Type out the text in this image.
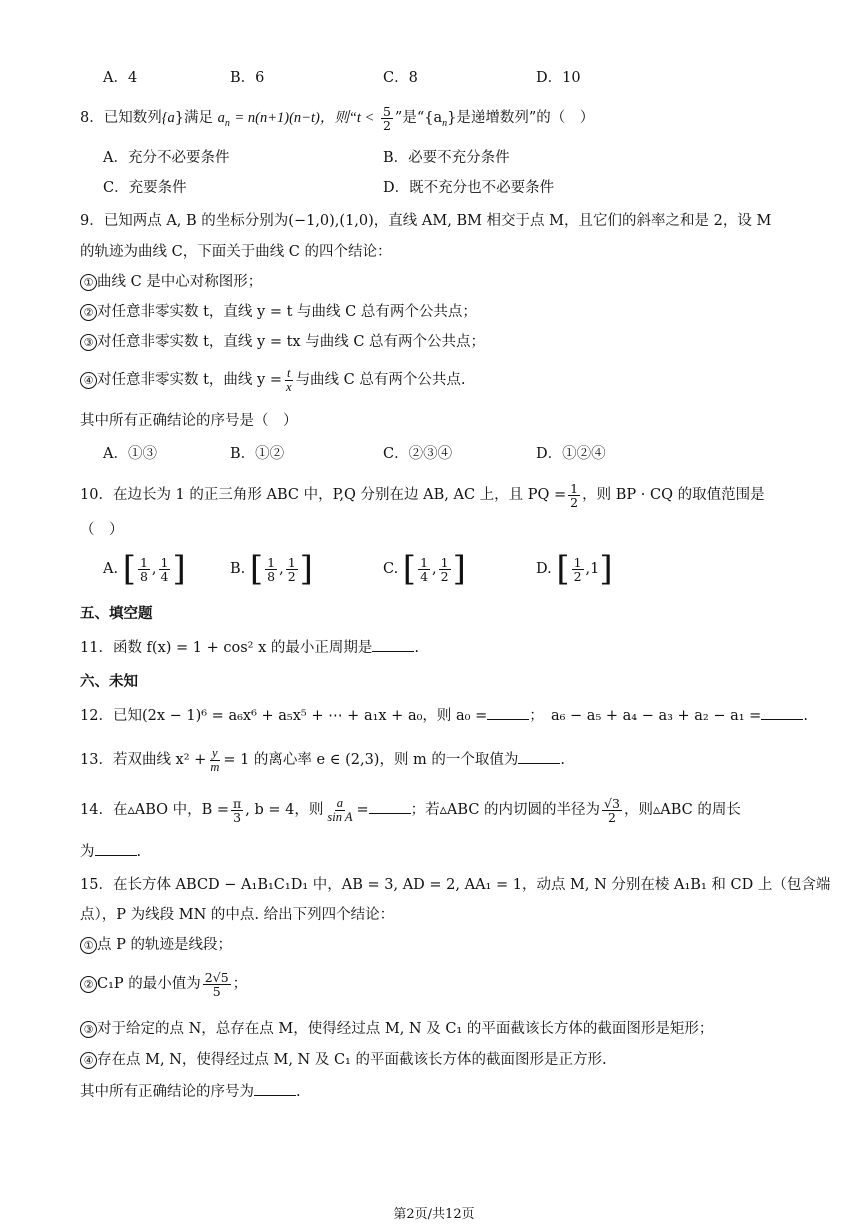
A．4	B．6	C．8	D．10
8．已知数列{a}满足 $a_n = n(n+1)(n-t)$，则“$t < \frac{5}{2}$ ”是“$\{a_n\}$是递增数列”的（　）
A．充分不必要条件	B．必要不充分条件
C．充要条件	D．既不充分也不必要条件
9．已知两点 A, B 的坐标分别为(−1,0),(1,0)，直线 AM, BM 相交于点 M，且它们的斜率之和是 2，设 M
的轨迹为曲线 C，下面关于曲线 C 的四个结论：
① 曲线 C 是中心对称图形；
② 对任意非零实数 t，直线 y = t 与曲线 C 总有两个公共点；
③ 对任意非零实数 t，直线 y = tx 与曲线 C 总有两个公共点；
④ 对任意非零实数 t，曲线 $y = \frac{t}{x}$ 与曲线 C 总有两个公共点.
其中所有正确结论的序号是（　）
A．①③	B．①②	C．②③④	D．①②④
10．在边长为 1 的正三角形 ABC 中，P,Q 分别在边 AB, AC 上，且 PQ = $\frac{1}{2}$ ，则 BP · CQ 的取值范围是
（　）
A.
[ $\frac{1}{8}$ , $\frac{1}{4}$ ]	B.
[ $\frac{1}{8}$ , $\frac{1}{2}$ ]	C.
[ $\frac{1}{4}$ , $\frac{1}{2}$ ]	D.
[ $\frac{1}{2}$ , 1 ]
五、填空题
11．函数 f(x) = 1 + cos² x 的最小正周期是	.
六、未知
12．已知(2x − 1)⁶ = a₆x⁶ + a₅x⁵ + ⋯ + a₁x + a₀，则 a₀ =	；　a₆ − a₅ + a₄ − a₃ + a₂ − a₁ =	.
13．若双曲线 $x^2 + \frac{y}{m} = 1$ 的离心率 e ∈ (2,3)，则 m 的一个取值为	.
14．在▵ABO 中，$B = \frac{\pi}{3}$ , b = 4，则 $\frac{a}{\text{sin A}}$ =	；若▵ABC 的内切圆的半径为 $\frac{√3}{2}$ ，则▵ABC 的周长
为	.
15．在长方体 ABCD − A₁B₁C₁D₁ 中，AB = 3, AD = 2, AA₁ = 1，动点 M, N 分别在棱 A₁B₁ 和 CD 上（包含端
点），P 为线段 MN 的中点. 给出下列四个结论：
① 点 P 的轨迹是线段；
② C₁P 的最小值为 $\frac{2√5}{5}$ ；
③ 对于给定的点 N，总存在点 M，使得经过点 M, N 及 C₁ 的平面截该长方体的截面图形是矩形；
④ 存在点 M, N，使得经过点 M, N 及 C₁ 的平面截该长方体的截面图形是正方形.
其中所有正确结论的序号为	.
第2页/共12页
